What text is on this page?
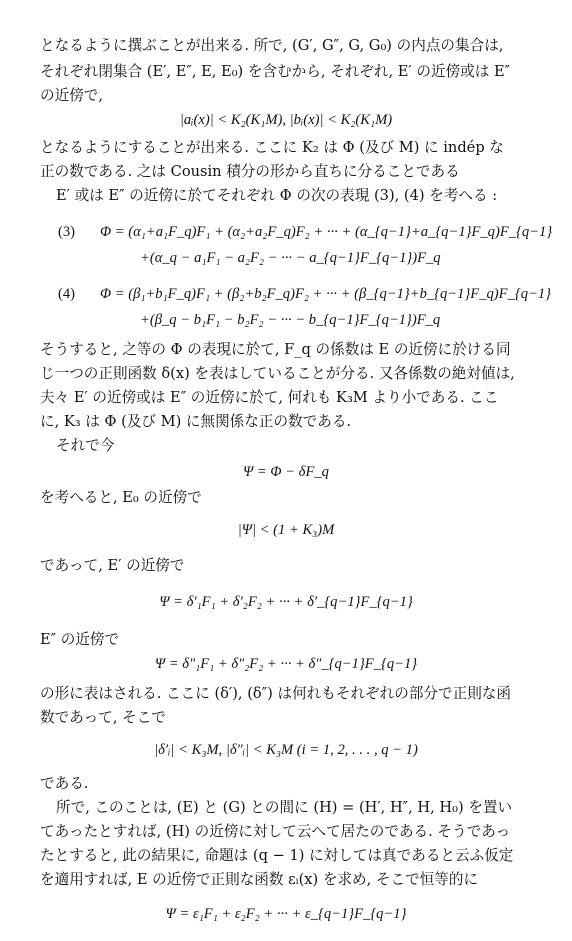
となるように撰ぶことが出来る. 所で, (G′, G″, G, G₀) の内点の集合は,
それぞれ閉集合 (E′, E″, E, E₀) を含むから, それぞれ, E′ の近傍或は E″
の近傍で,
|aᵢ(x)| < K₂(K₁M), |bᵢ(x)| < K₂(K₁M)
となるようにすることが出来る. ここに K₂ は Φ (及び M) に indép な
正の数である. 之は Cousin 積分の形から直ちに分ることである
E′ 或は E″ の近傍に於てそれぞれ Φ の次の表現 (3), (4) を考へる :
(3) Φ = (α₁+a₁F_q)F₁ + (α₂+a₂F_q)F₂ + ··· + (α_{q−1}+a_{q−1}F_q)F_{q−1}
+(α_q − a₁F₁ − a₂F₂ − ··· − a_{q−1}F_{q−1})F_q
(4) Φ = (β₁+b₁F_q)F₁ + (β₂+b₂F_q)F₂ + ··· + (β_{q−1}+b_{q−1}F_q)F_{q−1}
+(β_q − b₁F₁ − b₂F₂ − ··· − b_{q−1}F_{q−1})F_q
そうすると, 之等の Φ の表現に於て, F_q の係数は E の近傍に於ける同
じ一つの正則函数 δ(x) を表はしていることが分る. 又各係数の絶対値は,
夫々 E′ の近傍或は E″ の近傍に於て, 何れも K₃M より小である. ここ
に, K₃ は Φ (及び M) に無関係な正の数である.
それで今
Ψ = Φ − δF_q
を考へると, E₀ の近傍で
|Ψ| < (1 + K₃)M
であって, E′ の近傍で
Ψ = δ′₁F₁ + δ′₂F₂ + ··· + δ′_{q−1}F_{q−1}
E″ の近傍で
Ψ = δ″₁F₁ + δ″₂F₂ + ··· + δ″_{q−1}F_{q−1}
の形に表はされる. ここに (δ′), (δ″) は何れもそれぞれの部分で正則な函
数であって, そこで
|δ′ᵢ| < K₃M, |δ″ᵢ| < K₃M (i = 1, 2, . . . , q − 1)
である.
所で, このことは, (E) と (G) との間に (H) = (H′, H″, H, H₀) を置い
てあったとすれば, (H) の近傍に対して云へて居たのである. そうであっ
たとすると, 此の結果に, 命題は (q − 1) に対しては真であると云ふ仮定
を適用すれば, E の近傍で正則な函数 εᵢ(x) を求め, そこで恒等的に
Ψ = ε₁F₁ + ε₂F₂ + ··· + ε_{q−1}F_{q−1}
